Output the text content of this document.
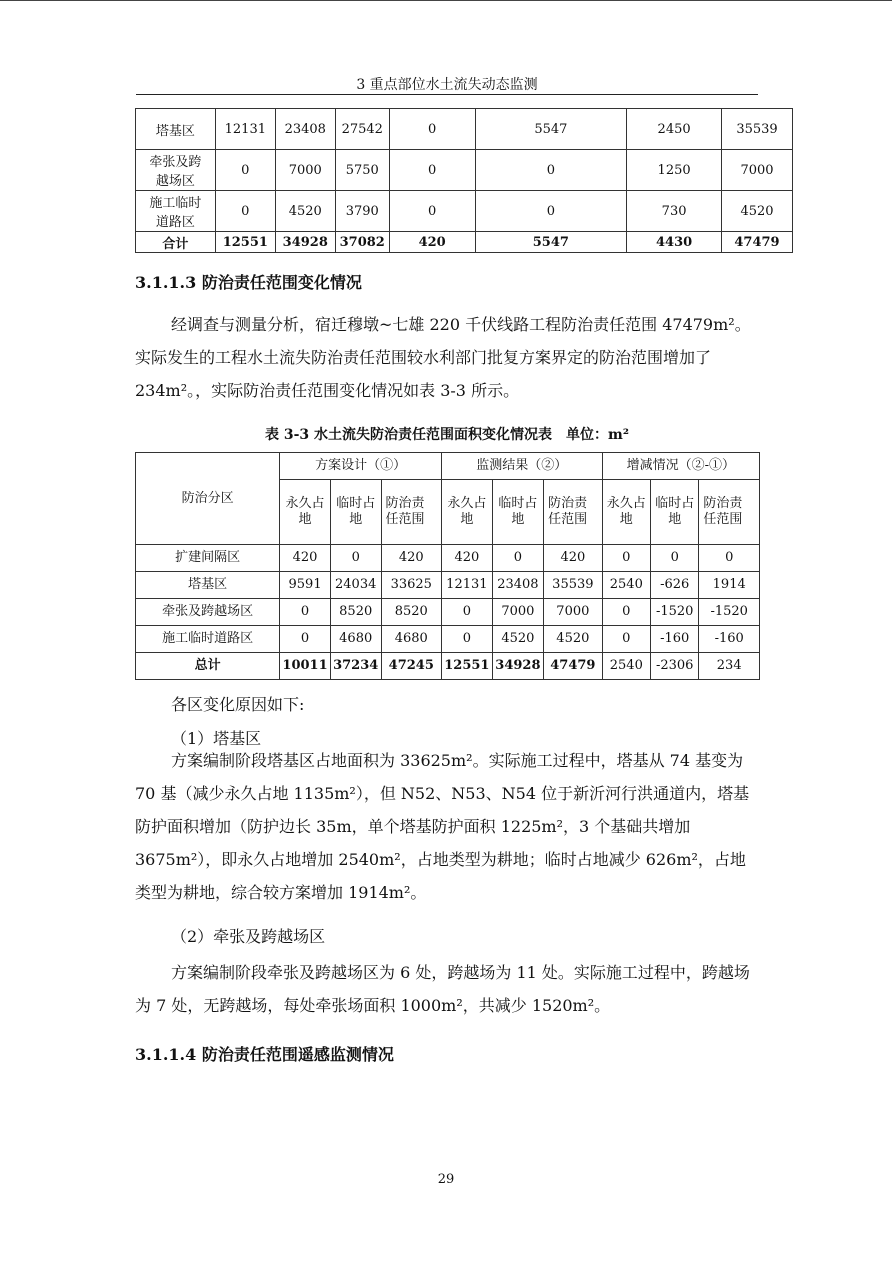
3 重点部位水土流失动态监测
塔基区	12131	23408	27542	0	5547	2450	35539
牵张及跨越场区	0	7000	5750	0	0	1250	7000
施工临时道路区	0	4520	3790	0	0	730	4520
合计	12551	34928	37082	420	5547	4430	47479
3.1.1.3 防治责任范围变化情况
经调查与测量分析，宿迁穆墩~七雄 220 千伏线路工程防治责任范围 47479m²。实际发生的工程水土流失防治责任范围较水利部门批复方案界定的防治范围增加了 234m²。，实际防治责任范围变化情况如表 3-3 所示。
表 3-3 水土流失防治责任范围面积变化情况表　单位：m²
防治分区	方案设计（①）			监测结果（②）			增减情况（②-①）		
	永久占地	临时占地	防治责任范围	永久占地	临时占地	防治责任范围	永久占地	临时占地	防治责任范围
扩建间隔区	420	0	420	420	0	420	0	0	0
塔基区	9591	24034	33625	12131	23408	35539	2540	-626	1914
牵张及跨越场区	0	8520	8520	0	7000	7000	0	-1520	-1520
施工临时道路区	0	4680	4680	0	4520	4520	0	-160	-160
总计	10011	37234	47245	12551	34928	47479	2540	-2306	234
各区变化原因如下:
（1）塔基区
方案编制阶段塔基区占地面积为 33625m²。实际施工过程中，塔基从 74 基变为 70 基（减少永久占地 1135m²），但 N52、N53、N54 位于新沂河行洪通道内，塔基防护面积增加（防护边长 35m，单个塔基防护面积 1225m²，3 个基础共增加 3675m²），即永久占地增加 2540m²，占地类型为耕地；临时占地减少 626m²，占地类型为耕地，综合较方案增加 1914m²。
（2）牵张及跨越场区
方案编制阶段牵张及跨越场区为 6 处，跨越场为 11 处。实际施工过程中，跨越场为 7 处，无跨越场，每处牵张场面积 1000m²，共减少 1520m²。
3.1.1.4 防治责任范围遥感监测情况
29
